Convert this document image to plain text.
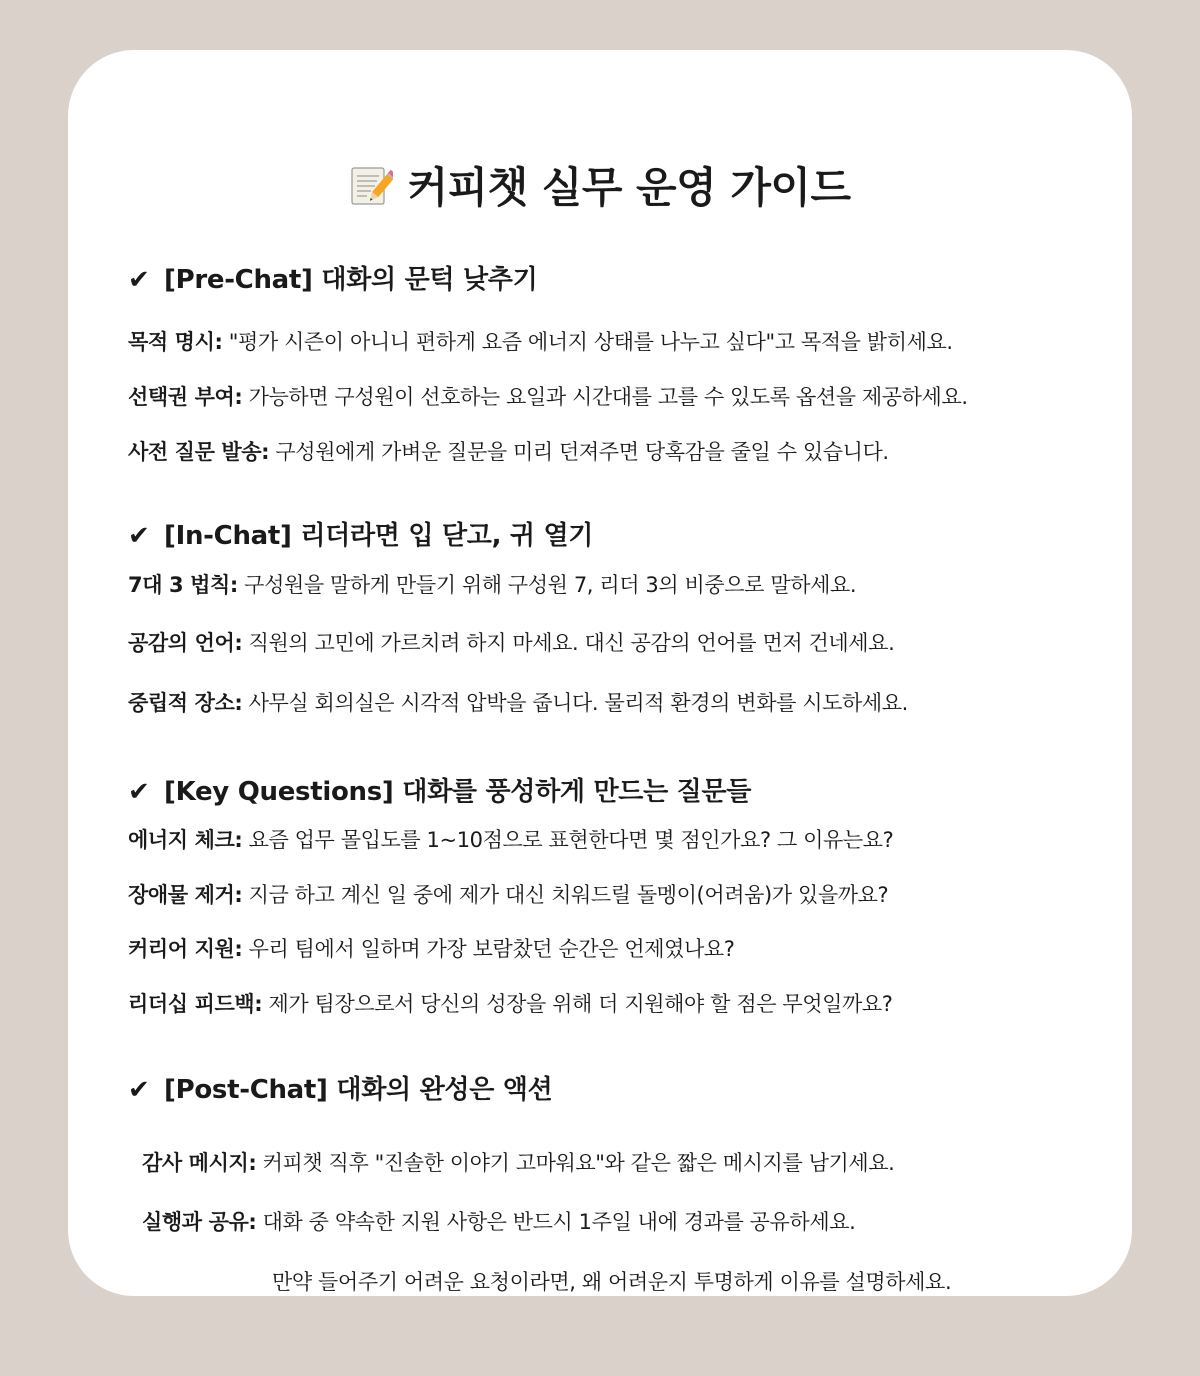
커피챗 실무 운영 가이드
✔ [Pre-Chat] 대화의 문턱 낮추기
목적 명시: "평가 시즌이 아니니 편하게 요즘 에너지 상태를 나누고 싶다"고 목적을 밝히세요.
선택권 부여: 가능하면 구성원이 선호하는 요일과 시간대를 고를 수 있도록 옵션을 제공하세요.
사전 질문 발송: 구성원에게 가벼운 질문을 미리 던져주면 당혹감을 줄일 수 있습니다.
✔ [In-Chat] 리더라면 입 닫고, 귀 열기
7대 3 법칙: 구성원을 말하게 만들기 위해 구성원 7, 리더 3의 비중으로 말하세요.
공감의 언어: 직원의 고민에 가르치려 하지 마세요. 대신 공감의 언어를 먼저 건네세요.
중립적 장소: 사무실 회의실은 시각적 압박을 줍니다. 물리적 환경의 변화를 시도하세요.
✔ [Key Questions] 대화를 풍성하게 만드는 질문들
에너지 체크: 요즘 업무 몰입도를 1~10점으로 표현한다면 몇 점인가요? 그 이유는요?
장애물 제거: 지금 하고 계신 일 중에 제가 대신 치워드릴 돌멩이(어려움)가 있을까요?
커리어 지원: 우리 팀에서 일하며 가장 보람찼던 순간은 언제였나요?
리더십 피드백: 제가 팀장으로서 당신의 성장을 위해 더 지원해야 할 점은 무엇일까요?
✔ [Post-Chat] 대화의 완성은 액션
감사 메시지: 커피챗 직후 "진솔한 이야기 고마워요"와 같은 짧은 메시지를 남기세요.
실행과 공유: 대화 중 약속한 지원 사항은 반드시 1주일 내에 경과를 공유하세요.
만약 들어주기 어려운 요청이라면, 왜 어려운지 투명하게 이유를 설명하세요.
